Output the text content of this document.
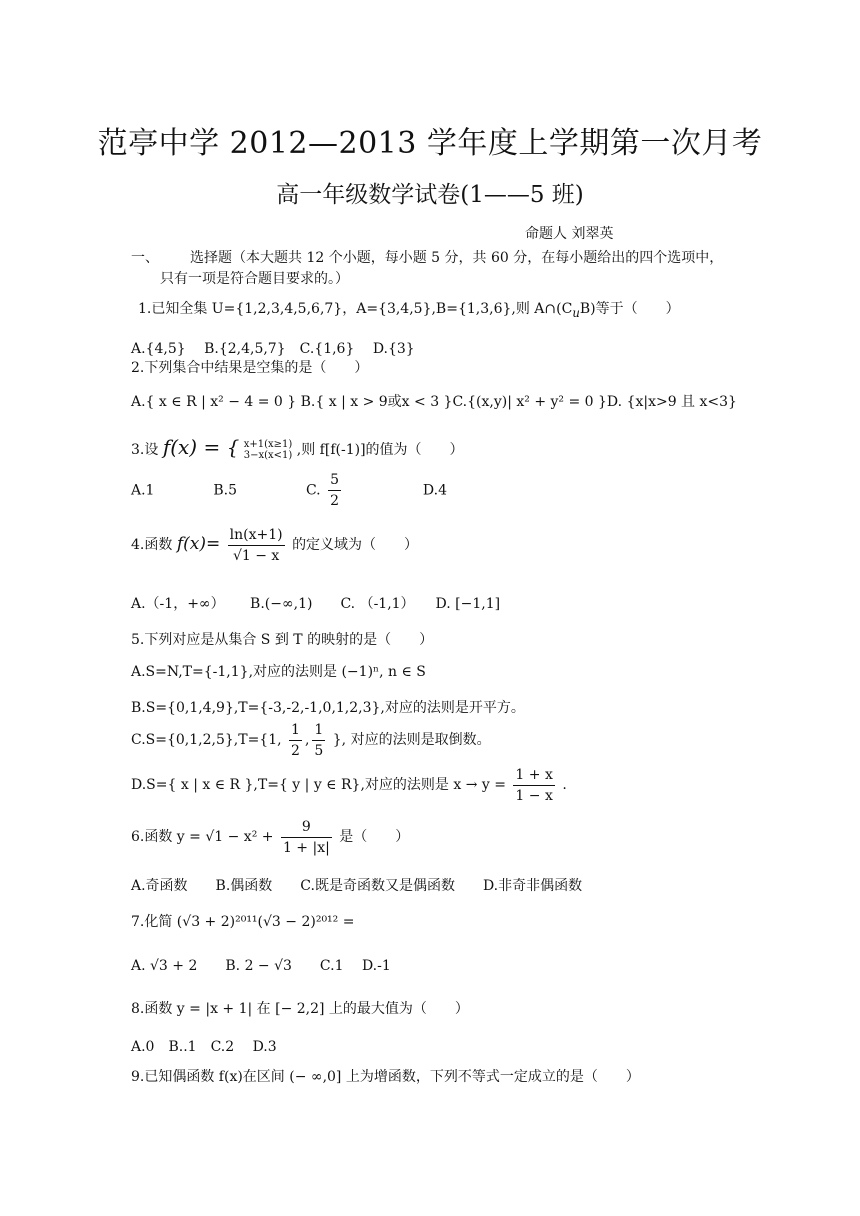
范亭中学 2012—2013 学年度上学期第一次月考
高一年级数学试卷(1——5 班)
命题人 刘翠英
一、 选择题（本大题共 12 个小题，每小题 5 分，共 60 分，在每小题给出的四个选项中，
只有一项是符合题目要求的。）
1.已知全集 U={1,2,3,4,5,6,7}，A={3,4,5},B={1,3,6},则 $A\cap(C_uB)$等于（　　）
A.{4,5}　 B.{2,4,5,7}　C.{1,6}　 D.{3}
2.下列集合中结果是空集的是（　　）
A.{ x ∈ R | x² − 4 = 0 } B.{ x | x > 9或x < 3 }C.{(x,y)| x² + y² = 0 }D. {x|x>9 且 x<3}
3.设 f(x) = { x+1(x≥1)
3−x(x<1) ,则 f[f(-1)]的值为（　　）
A.1	B.5	C. $\frac{5}{2}$	D.4
4.函数 $f(x)= \frac{\ln(x+1)}{√1 - x}$ 的定义域为（　　）
A.（-1，+∞）　　 B.(−∞,1)　　C. （-1,1）　　D. [−1,1]
5.下列对应是从集合 S 到 T 的映射的是（　　）
A.S=N,T={-1,1},对应的法则是 (−1)ⁿ, n ∈ S
B.S={0,1,4,9},T={-3,-2,-1,0,1,2,3},对应的法则是开平方。
C.S={0,1,2,5},T={1, $\frac{1}{2}$ , $\frac{1}{5}$ }, 对应的法则是取倒数。
D.S={ x | x ∈ R },T={ y | y ∈ R},对应的法则是 $x \to y = \frac{1 + x}{1 - x}$ .
6.函数 $y = √1 - x^2 + \frac{9}{1 + |x|}$ 是（　　）
A.奇函数　　B.偶函数　　C.既是奇函数又是偶函数　　D.非奇非偶函数
7.化简 (√3 + 2)²⁰¹¹(√3 − 2)²⁰¹² =
A. √3 + 2　　B. 2 − √3　　C.1　 D.-1
8.函数 y = |x + 1| 在 [− 2,2] 上的最大值为（　　）
A.0　B..1　C.2　 D.3
9.已知偶函数 f(x)在区间 (− ∞,0] 上为增函数，下列不等式一定成立的是（　　）
